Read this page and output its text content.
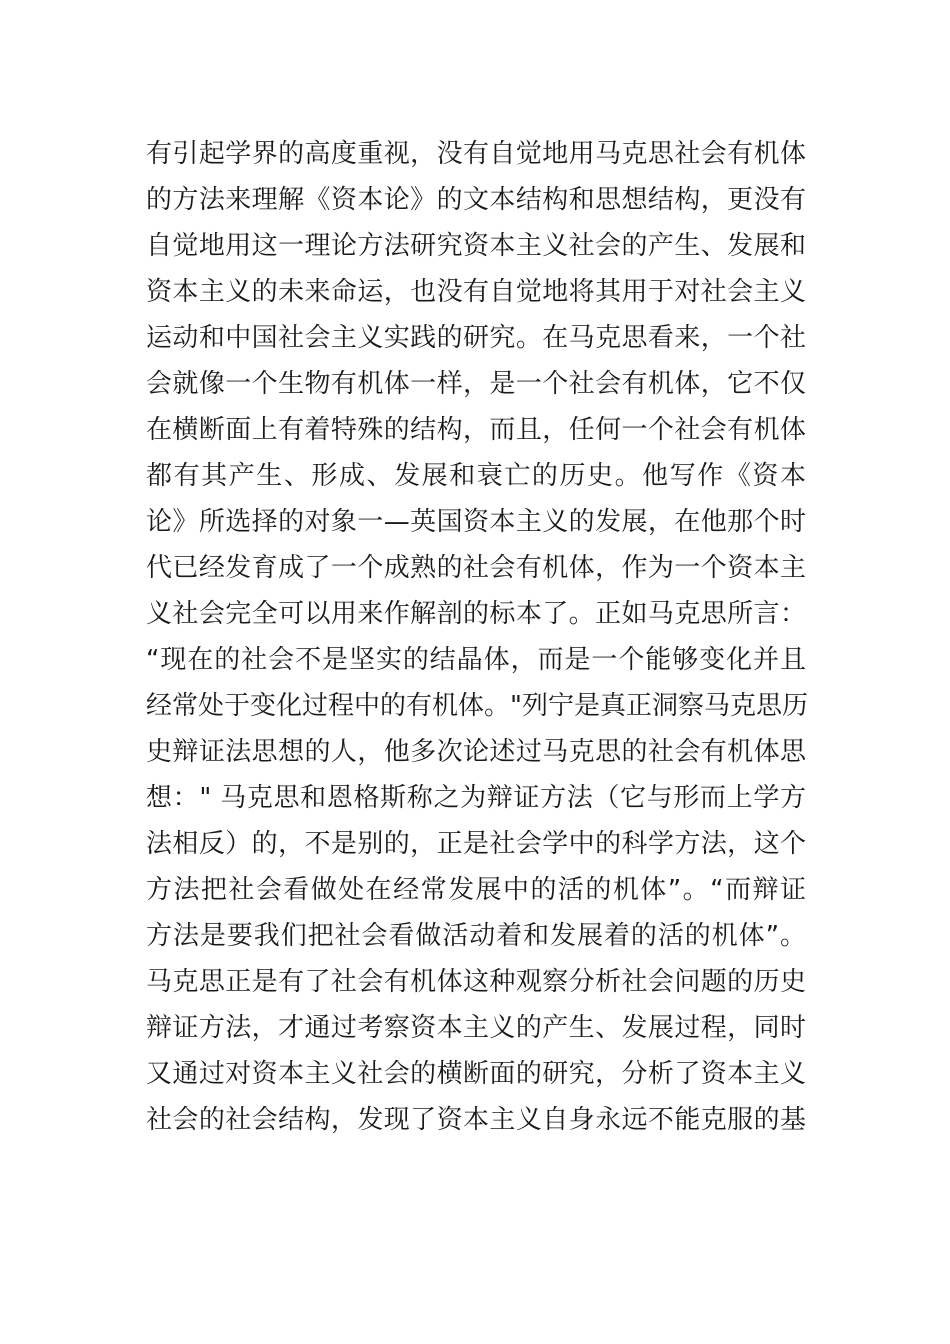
有引起学界的高度重视，没有自觉地用马克思社会有机体
的方法来理解《资本论》的文本结构和思想结构，更没有
自觉地用这一理论方法研究资本主义社会的产生、发展和
资本主义的未来命运，也没有自觉地将其用于对社会主义
运动和中国社会主义实践的研究。在马克思看来，一个社
会就像一个生物有机体一样，是一个社会有机体，它不仅
在横断面上有着特殊的结构，而且，任何一个社会有机体
都有其产生、形成、发展和衰亡的历史。他写作《资本
论》所选择的对象一—英国资本主义的发展，在他那个时
代已经发育成了一个成熟的社会有机体，作为一个资本主
义社会完全可以用来作解剖的标本了。正如马克思所言：
“现在的社会不是坚实的结晶体，而是一个能够变化并且
经常处于变化过程中的有机体。"列宁是真正洞察马克思历
史辩证法思想的人，他多次论述过马克思的社会有机体思
想：" 马克思和恩格斯称之为辩证方法（它与形而上学方
法相反）的，不是别的，正是社会学中的科学方法，这个
方法把社会看做处在经常发展中的活的机体”。“而辩证
方法是要我们把社会看做活动着和发展着的活的机体”。
马克思正是有了社会有机体这种观察分析社会问题的历史
辩证方法，才通过考察资本主义的产生、发展过程，同时
又通过对资本主义社会的横断面的研究，分析了资本主义
社会的社会结构，发现了资本主义自身永远不能克服的基
